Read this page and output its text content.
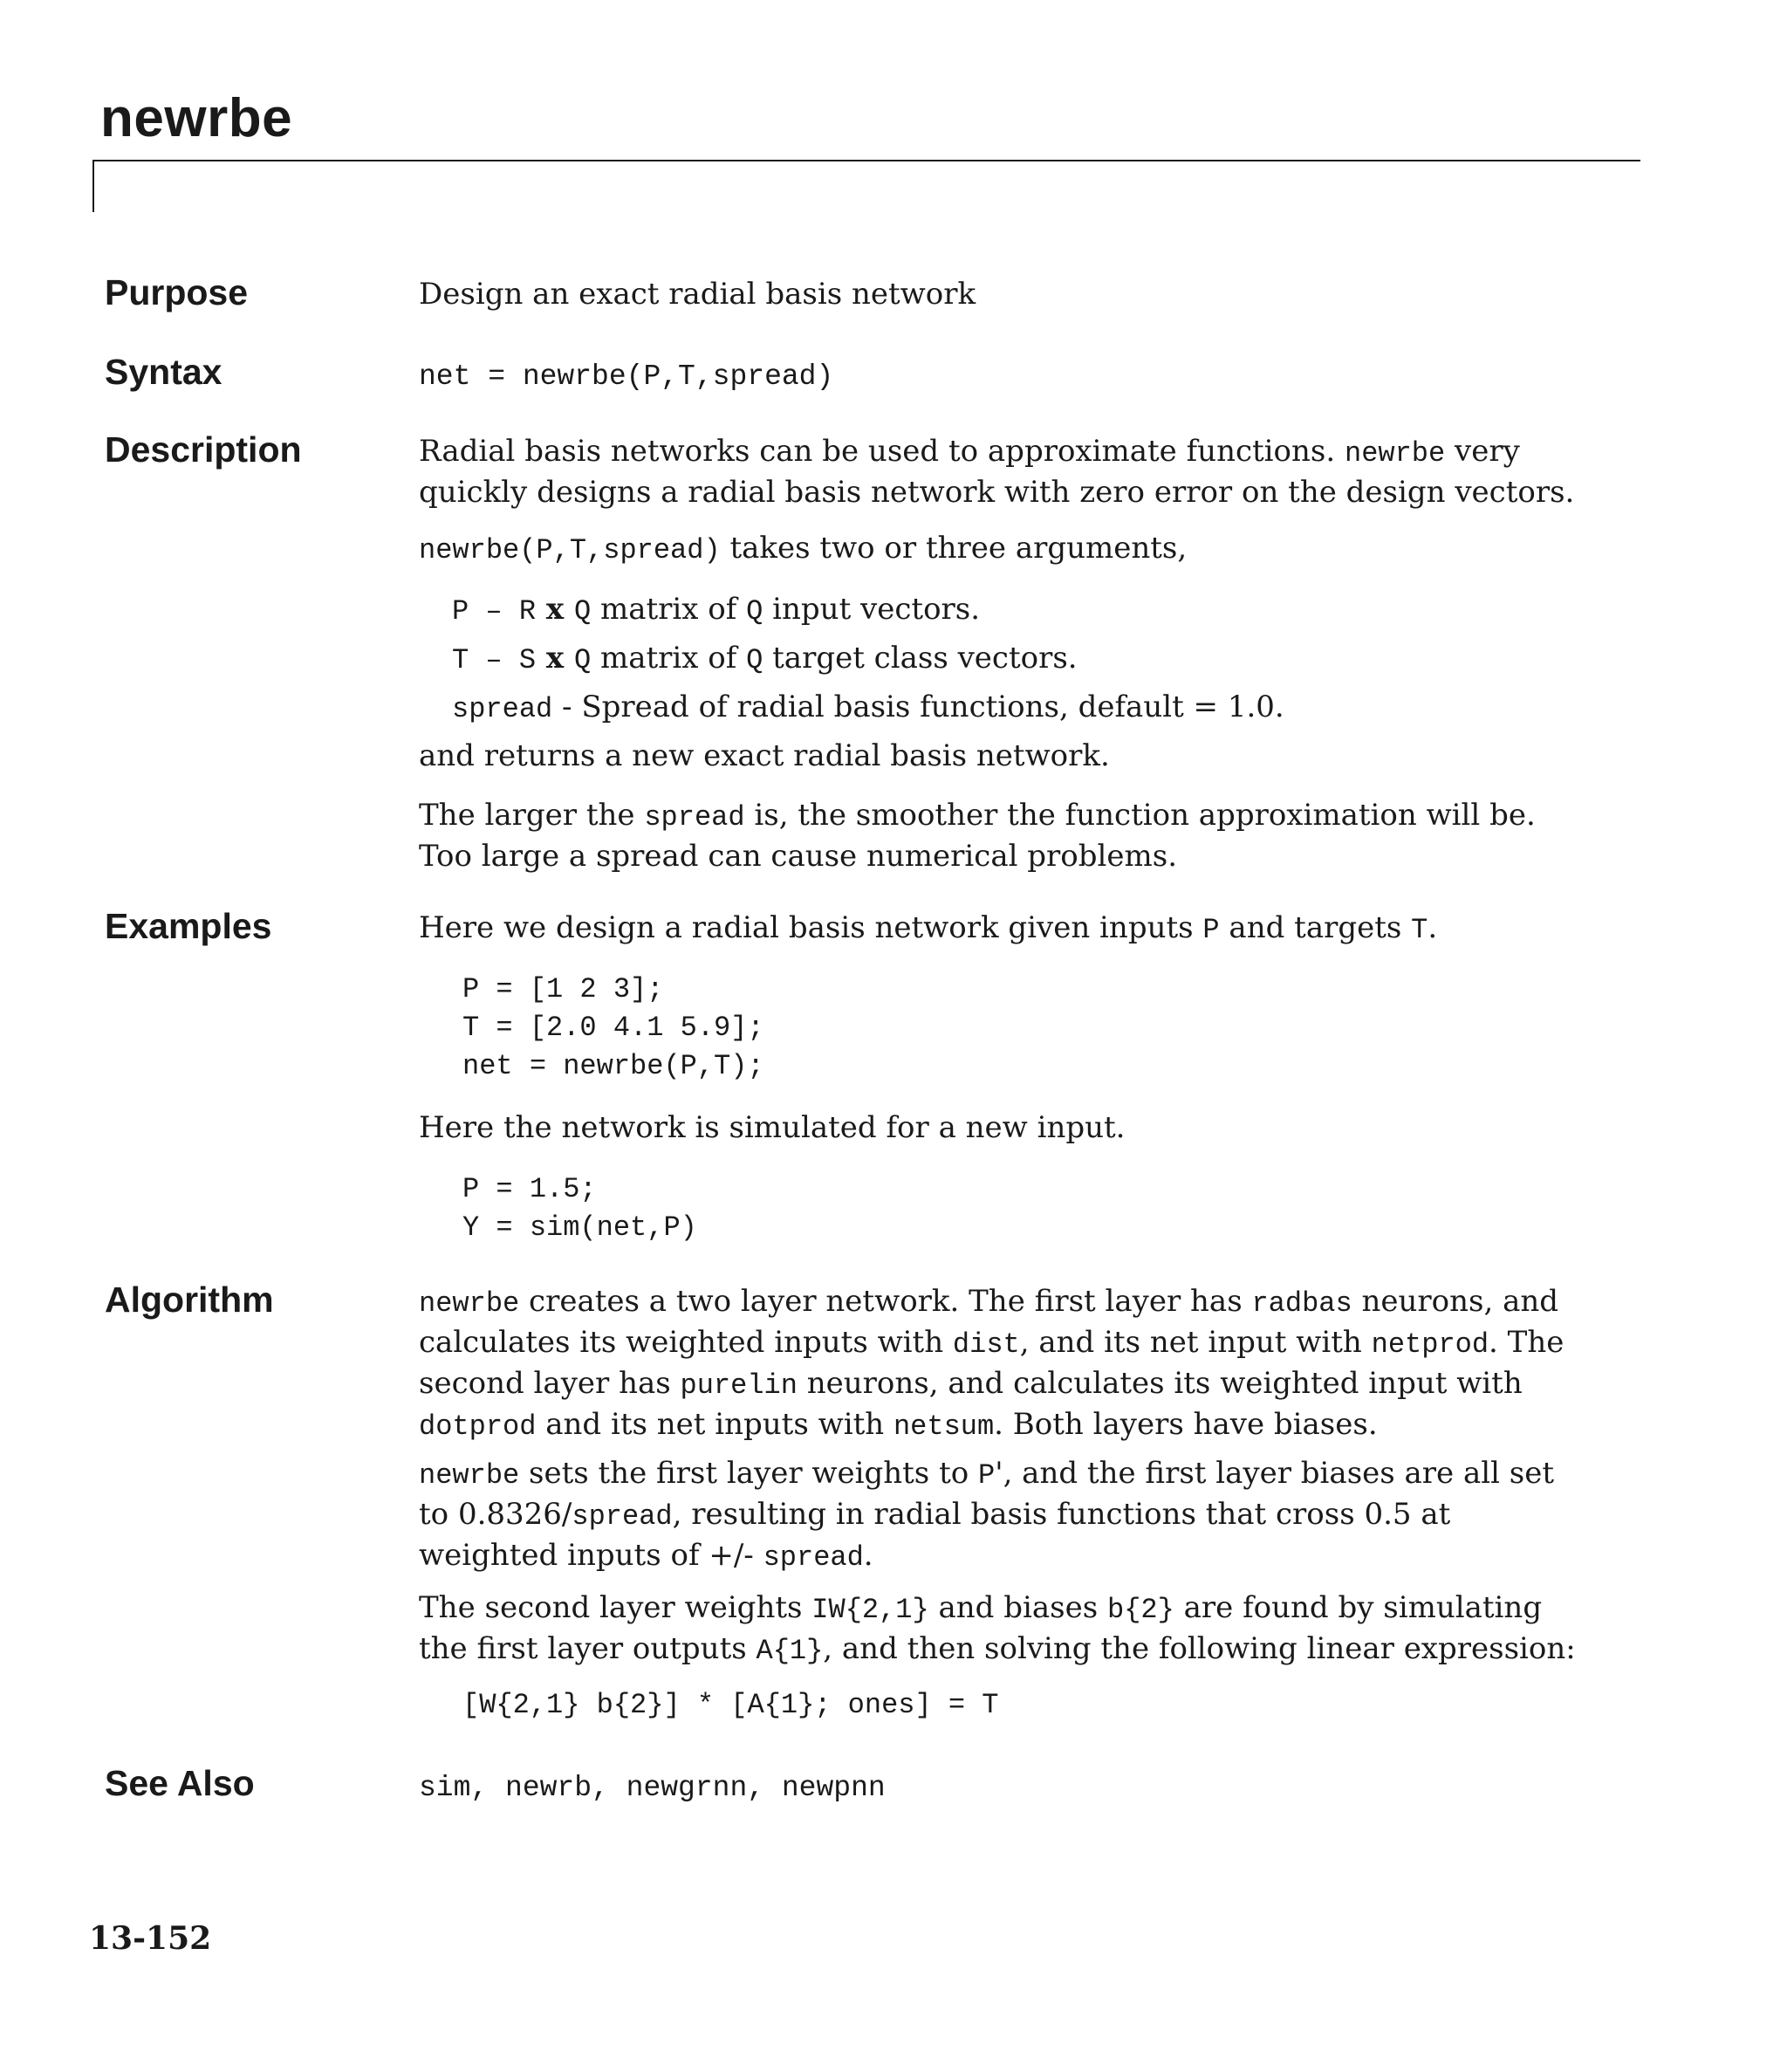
newrbe
Purpose	Design an exact radial basis network
Syntax	net = newrbe(P,T,spread)
Description	Radial basis networks can be used to approximate functions. newrbe very quickly designs a radial basis network with zero error on the design vectors.
newrbe(P,T,spread) takes two or three arguments,
P – R x Q matrix of Q input vectors.
T – S x Q matrix of Q target class vectors.
spread - Spread of radial basis functions, default = 1.0.
and returns a new exact radial basis network.
The larger the spread is, the smoother the function approximation will be. Too large a spread can cause numerical problems.
Examples	Here we design a radial basis network given inputs P and targets T.
P = [1 2 3];
T = [2.0 4.1 5.9];
net = newrbe(P,T);
Here the network is simulated for a new input.
P = 1.5;
Y = sim(net,P)
Algorithm	newrbe creates a two layer network. The first layer has radbas neurons, and calculates its weighted inputs with dist, and its net input with netprod. The second layer has purelin neurons, and calculates its weighted input with dotprod and its net inputs with netsum. Both layers have biases.
newrbe sets the first layer weights to P', and the first layer biases are all set to 0.8326/spread, resulting in radial basis functions that cross 0.5 at weighted inputs of +/- spread.
The second layer weights IW{2,1} and biases b{2} are found by simulating the first layer outputs A{1}, and then solving the following linear expression:
[W{2,1} b{2}] * [A{1}; ones] = T
See Also	sim, newrb, newgrnn, newpnn
13-152
